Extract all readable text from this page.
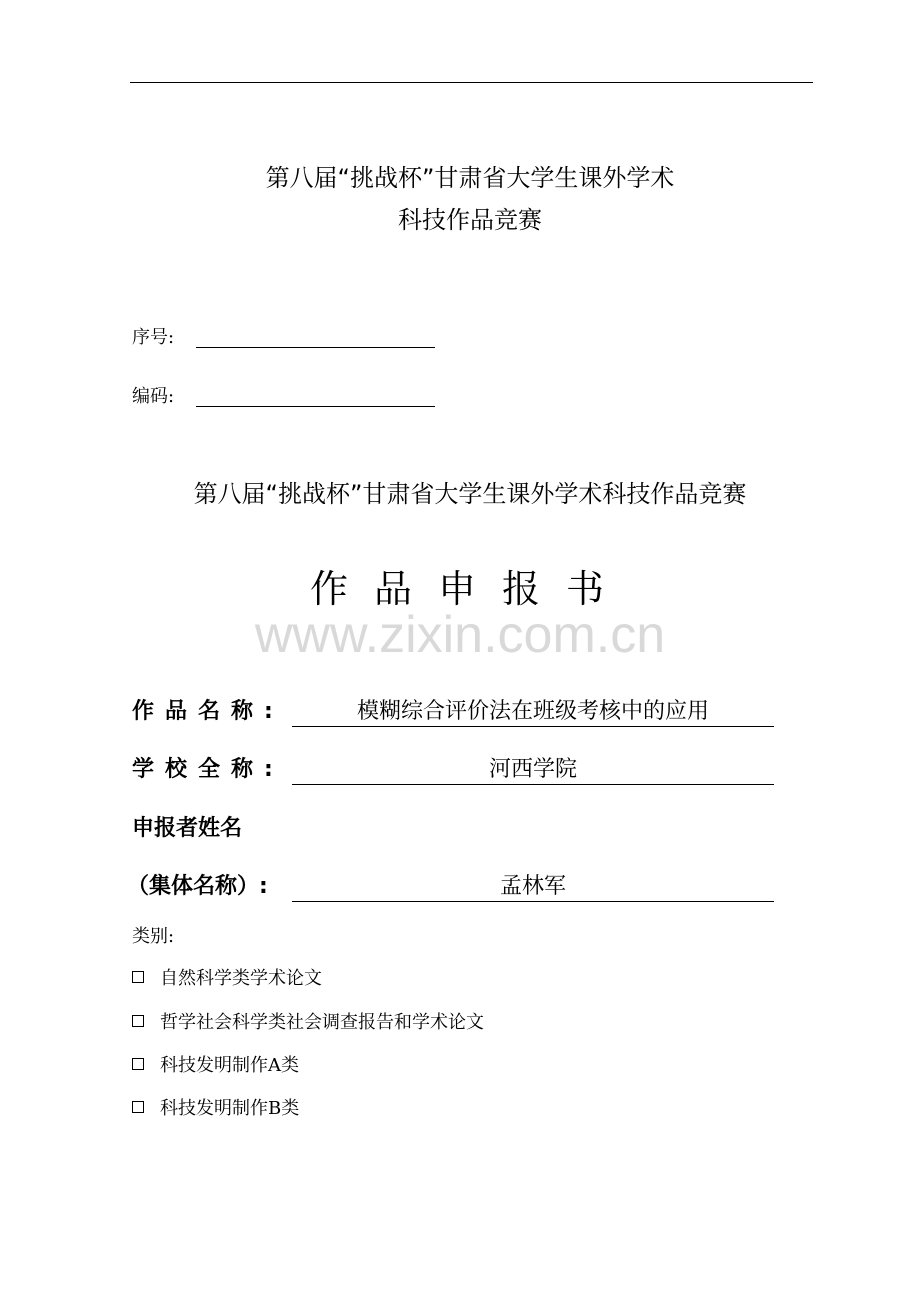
第八届“挑战杯”甘肃省大学生课外学术
科技作品竞赛
序号:
编码:
第八届“挑战杯”甘肃省大学生课外学术科技作品竞赛
作品申报书
www.zixin.com.cn
作品名称:	模糊综合评价法在班级考核中的应用
学校全称:	河西学院
申报者姓名
（集体名称）:	孟林军
类别:
自然科学类学术论文
哲学社会科学类社会调查报告和学术论文
科技发明制作A类
科技发明制作B类
